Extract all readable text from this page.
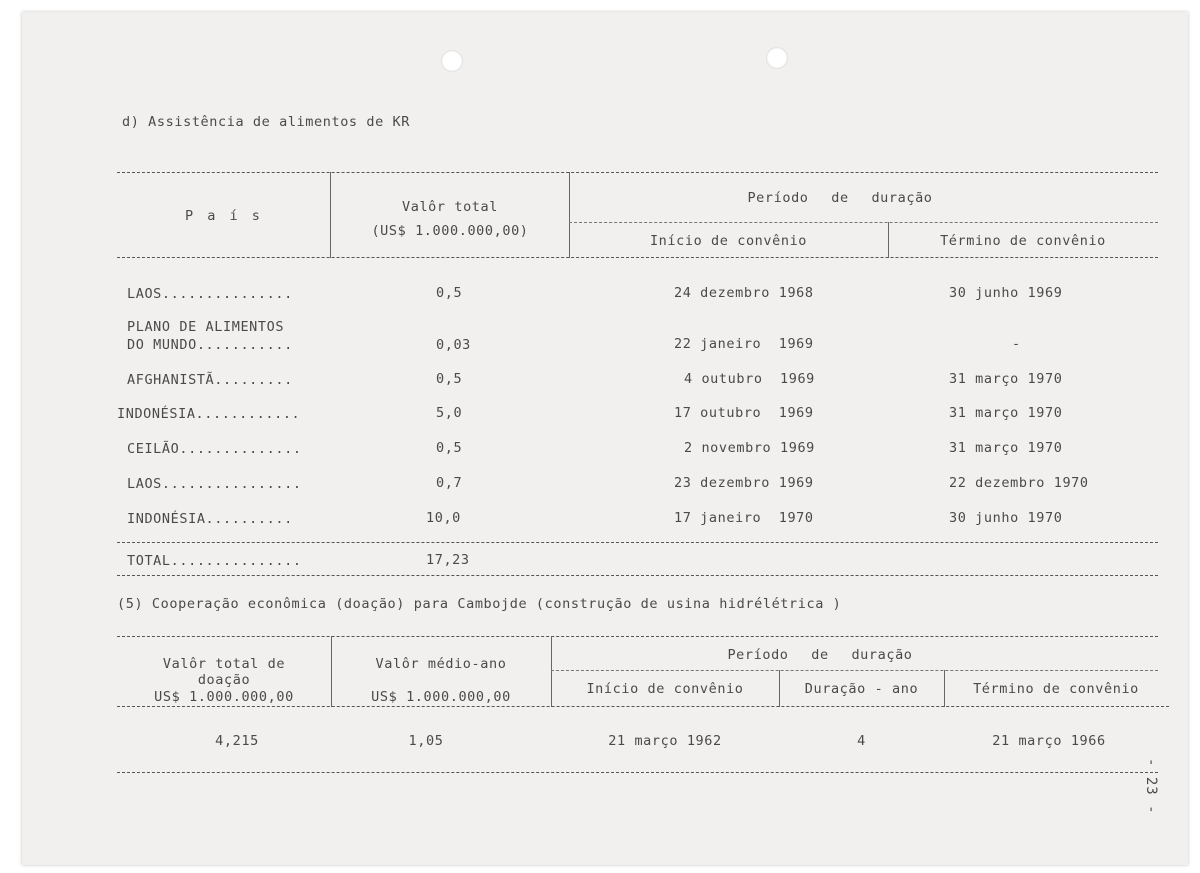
d) Assistência de alimentos de KR
P a í s
Valôr total
(US$ 1.000.000,00)
Período de duração
Início de convênio	Término de convênio
LAOS...............	0,5	24 dezembro 1968	30 junho 1969
PLANO DE ALIMENTOS
DO MUNDO...........	0,03	22 janeiro  1969	-
AFGHANISTÃ.........	0,5	4 outubro  1969	31 março 1970
INDONÉSIA............	5,0	17 outubro  1969	31 março 1970
CEILÃO..............	0,5	2 novembro 1969	31 março 1970
LAOS................	0,7	23 dezembro 1969	22 dezembro 1970
INDONÉSIA..........	10,0	17 janeiro  1970	30 junho 1970
TOTAL...............	17,23
(5) Cooperação econômica (doação) para Cambojde (construção de usina hidrélétrica )
Valôr total de
doação
US$ 1.000.000,00
Valôr médio-ano
US$ 1.000.000,00
Período de duração
Início de convênio	Duração - ano	Término de convênio
4,215	1,05	21 março 1962	4	21 março 1966
- 23 -
